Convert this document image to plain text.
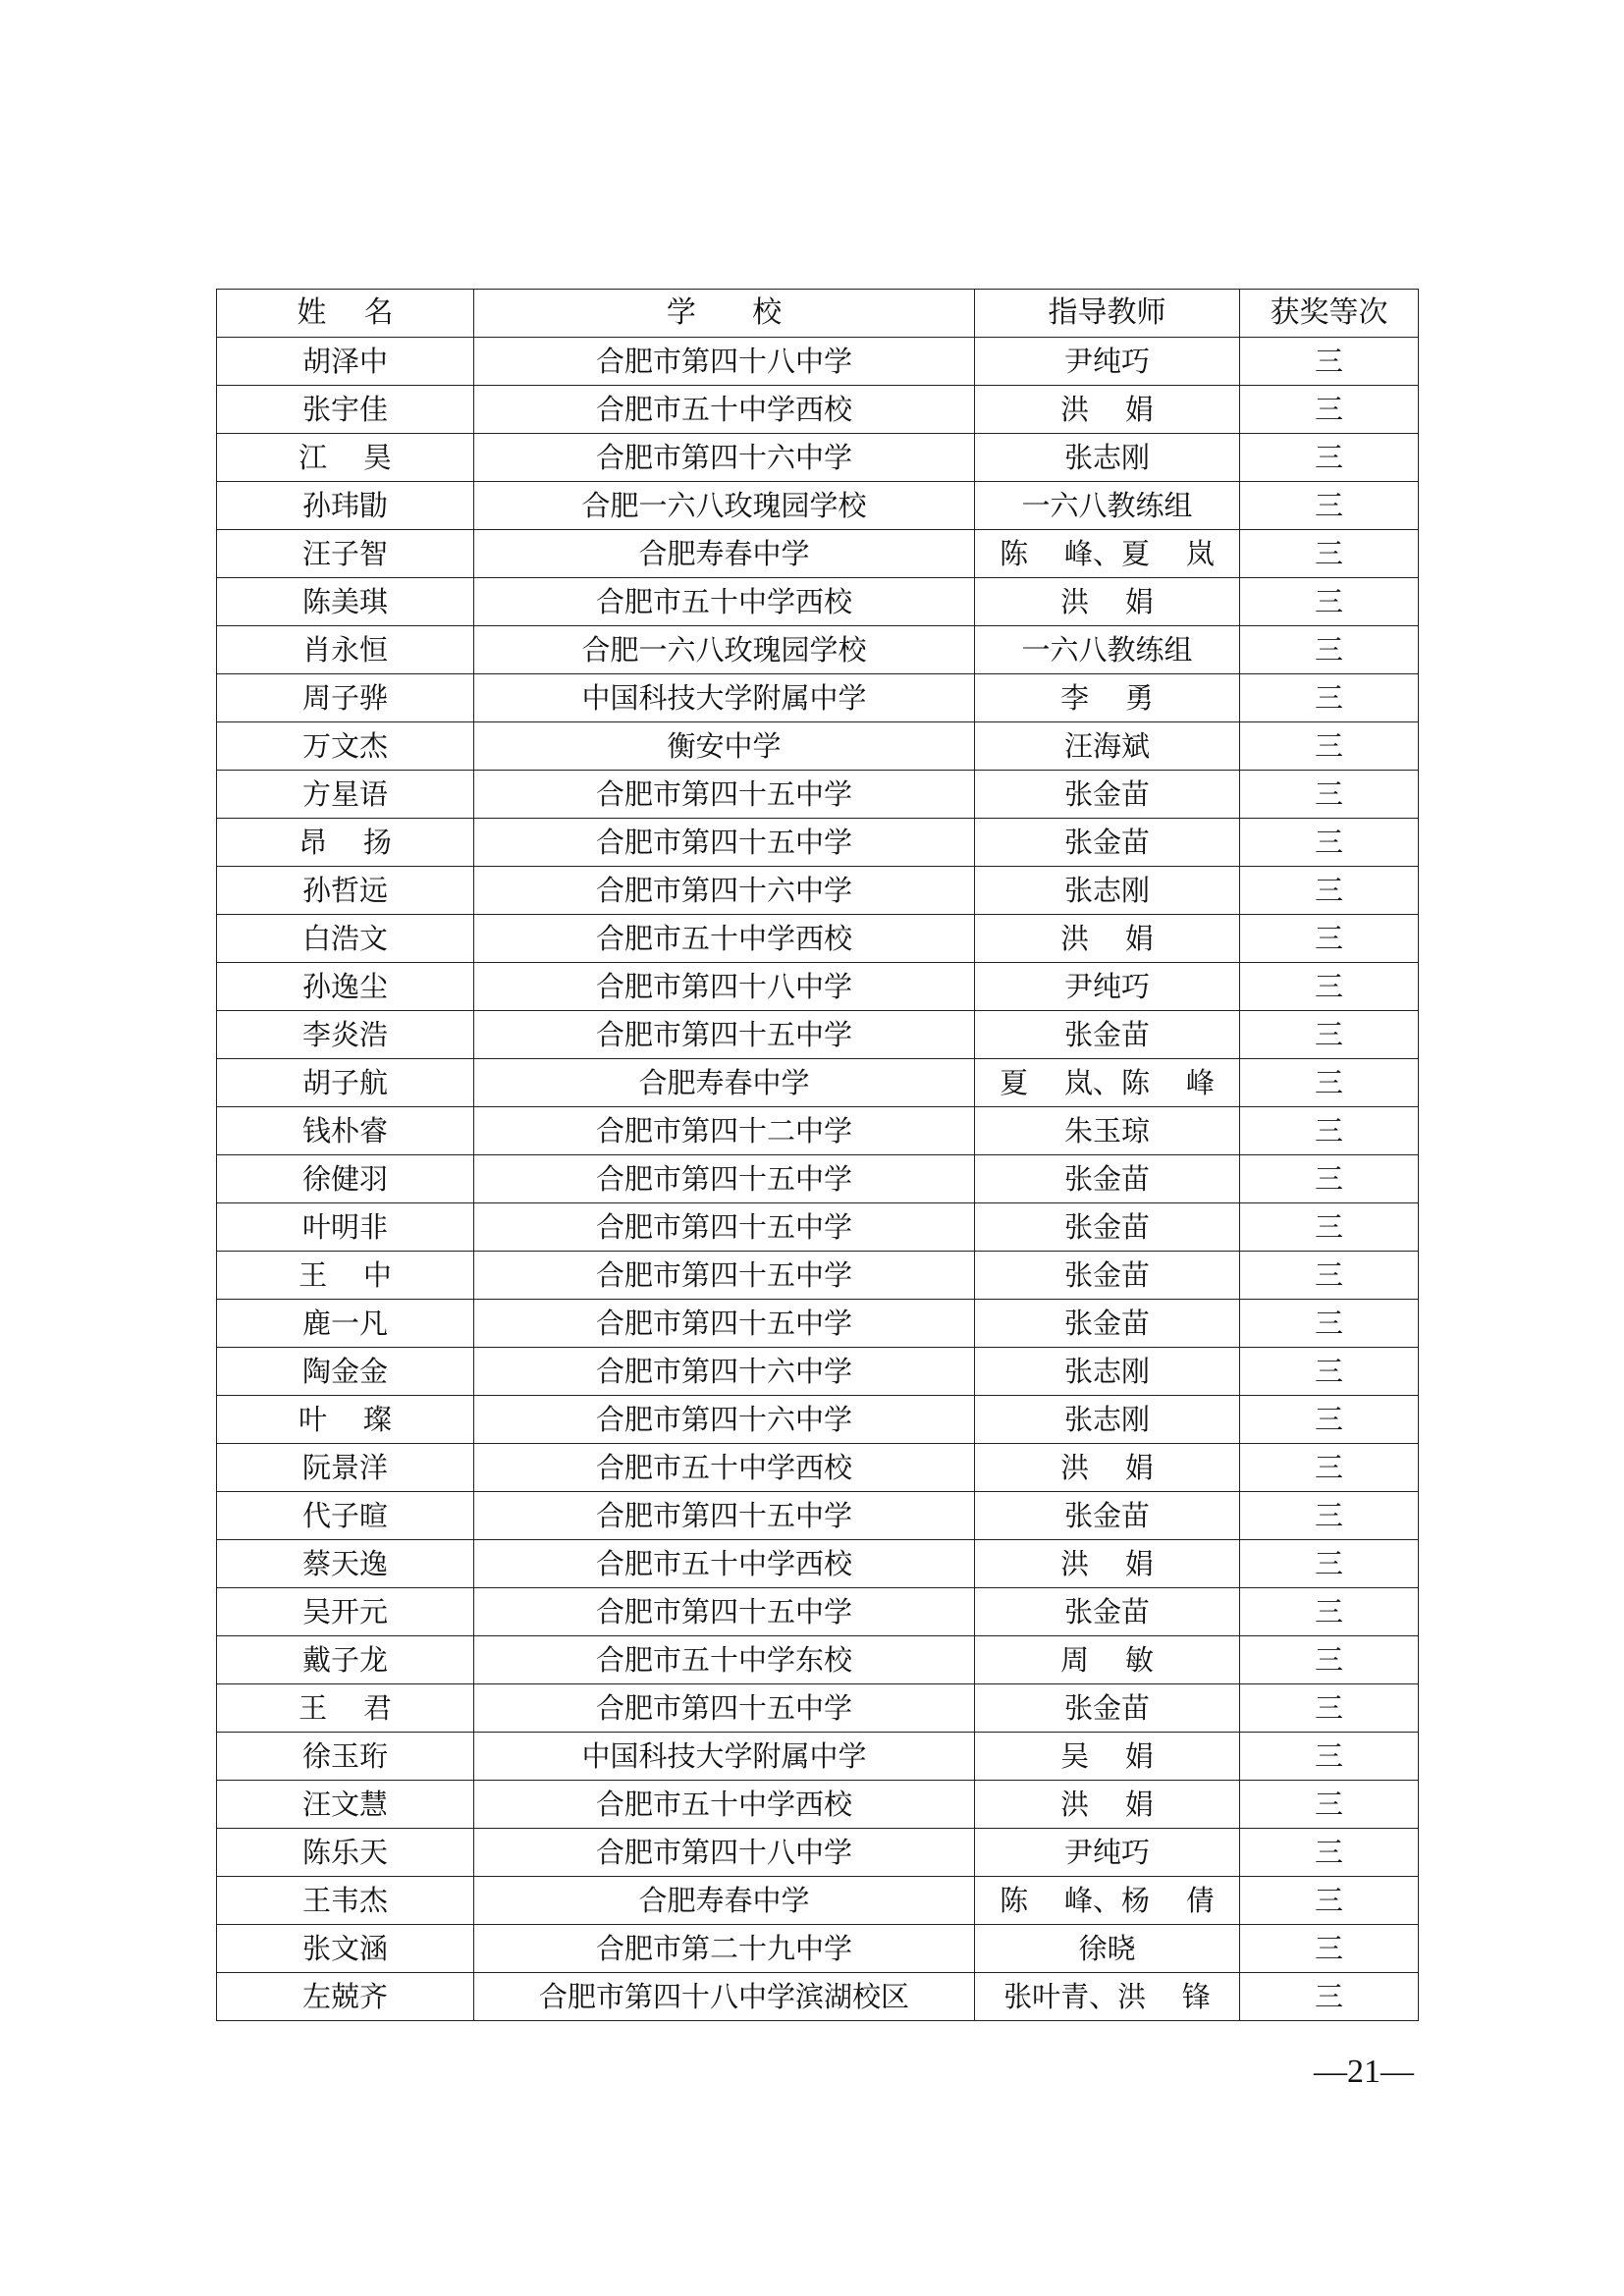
姓    名	学      校	指导教师	获奖等次
胡泽中	合肥市第四十八中学	尹纯巧	三
张宇佳	合肥市五十中学西校	洪    娟	三
江    昊	合肥市第四十六中学	张志刚	三
孙玮勖	合肥一六八玫瑰园学校	一六八教练组	三
汪子智	合肥寿春中学	陈    峰、夏    岚	三
陈美琪	合肥市五十中学西校	洪    娟	三
肖永恒	合肥一六八玫瑰园学校	一六八教练组	三
周子骅	中国科技大学附属中学	李    勇	三
万文杰	衡安中学	汪海斌	三
方星语	合肥市第四十五中学	张金苗	三
昂    扬	合肥市第四十五中学	张金苗	三
孙哲远	合肥市第四十六中学	张志刚	三
白浩文	合肥市五十中学西校	洪    娟	三
孙逸尘	合肥市第四十八中学	尹纯巧	三
李炎浩	合肥市第四十五中学	张金苗	三
胡子航	合肥寿春中学	夏    岚、陈    峰	三
钱朴睿	合肥市第四十二中学	朱玉琼	三
徐健羽	合肥市第四十五中学	张金苗	三
叶明非	合肥市第四十五中学	张金苗	三
王    中	合肥市第四十五中学	张金苗	三
鹿一凡	合肥市第四十五中学	张金苗	三
陶金金	合肥市第四十六中学	张志刚	三
叶    璨	合肥市第四十六中学	张志刚	三
阮景洋	合肥市五十中学西校	洪    娟	三
代子暄	合肥市第四十五中学	张金苗	三
蔡天逸	合肥市五十中学西校	洪    娟	三
吴开元	合肥市第四十五中学	张金苗	三
戴子龙	合肥市五十中学东校	周    敏	三
王    君	合肥市第四十五中学	张金苗	三
徐玉珩	中国科技大学附属中学	吴    娟	三
汪文慧	合肥市五十中学西校	洪    娟	三
陈乐天	合肥市第四十八中学	尹纯巧	三
王韦杰	合肥寿春中学	陈    峰、杨    倩	三
张文涵	合肥市第二十九中学	徐晓	三
左兢齐	合肥市第四十八中学滨湖校区	张叶青、洪    锋	三
—21—
